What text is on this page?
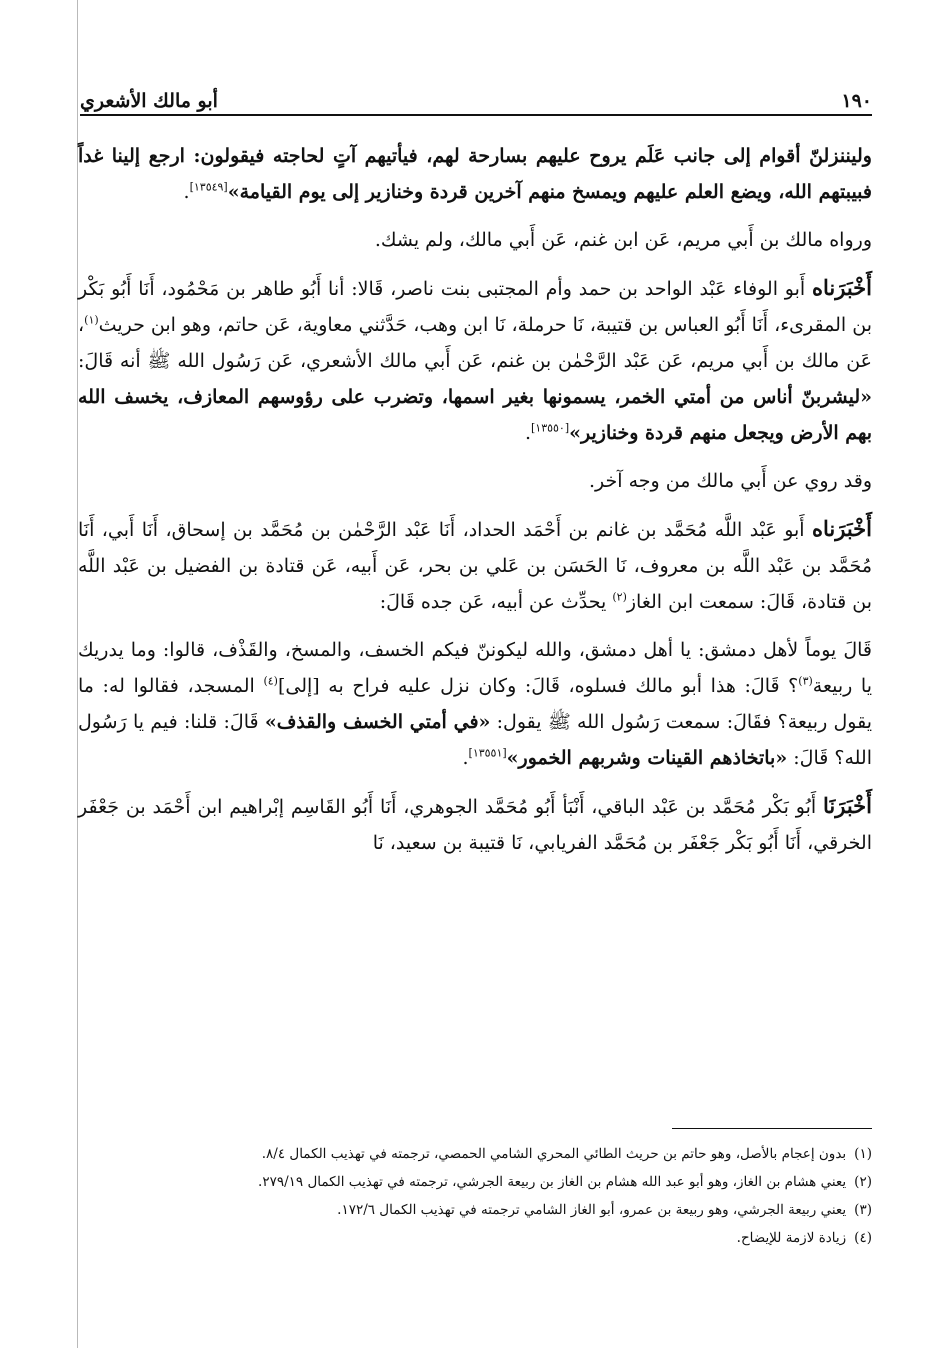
أبو مالك الأشعري	١٩٠

وليننزلنّ أقوام إلى جانب عَلَم يروح عليهم بسارحة لهم، فيأتيهم آتٍ لحاجته فيقولون: ارجع إلينا غداً فبيبتهم الله، ويضع العلم عليهم ويمسخ منهم آخرين قردة وخنازير إلى يوم القيامة»[١٣٥٤٩].

ورواه مالك بن أَبي مريم، عَن ابن غنم، عَن أَبي مالك، ولم يشك.

أَخْبَرَناه أَبو الوفاء عَبْد الواحد بن حمد وأم المجتبى بنت ناصر، قَالا: أنا أَبُو طاهر بن مَحْمُود، أَنَا أَبُو بَكْر بن المقرىء، أَنَا أَبُو العباس بن قتيبة، نَا حرملة، نَا ابن وهب، حَدَّثني معاوية، عَن حاتم، وهو ابن حريث$^{(١)}$، عَن مالك بن أَبي مريم، عَن عَبْد الرَّحْمٰن بن غنم، عَن أَبي مالك الأشعري، عَن رَسُول الله ﷺ أنه قَالَ: «ليشربنّ أناس من أمتي الخمر، يسمونها بغير اسمها، وتضرب على رؤوسهم المعازف، يخسف الله بهم الأرض ويجعل منهم قردة وخنازير»[١٣٥٥٠].

وقد روي عن أَبي مالك من وجه آخر.

أَخْبَرَناه أَبو عَبْد اللَّه مُحَمَّد بن غانم بن أَحْمَد الحداد، أَنَا عَبْد الرَّحْمٰن بن مُحَمَّد بن إسحاق، أَنَا أَبي، أَنَا مُحَمَّد بن عَبْد اللَّه بن معروف، نَا الحَسَن بن عَلي بن بحر، عَن أَبيه، عَن قتادة بن الفضيل بن عَبْد اللَّه بن قتادة، قَالَ: سمعت ابن الغاز$^{(٢)}$ يحدِّث عن أبيه، عَن جده قَالَ:

قَالَ يوماً لأهل دمشق: يا أهل دمشق، والله ليكوننّ فيكم الخسف، والمسخ، والقَذْف، قالوا: وما يدريك يا ربيعة$^{(٣)}$؟ قَالَ: هذا أبو مالك فسلوه، قَالَ: وكان نزل عليه فراح به [إلى]$^{(٤)}$ المسجد، فقالوا له: ما يقول ربيعة؟ فقَالَ: سمعت رَسُول الله ﷺ يقول: «في أمتي الخسف والقذف» قَالَ: قلنا: فيم يا رَسُول الله؟ قَالَ: «باتخاذهم القينات وشربهم الخمور»[١٣٥٥١].

أَخْبَرَنَا أَبُو بَكْر مُحَمَّد بن عَبْد الباقي، أَنْبَأ أَبُو مُحَمَّد الجوهري، أَنَا أَبُو القَاسِم إبْراهيم ابن أَحْمَد بن جَعْفَر الخرقي، أَنَا أَبُو بَكْر جَعْفَر بن مُحَمَّد الفريابي، نَا قتيبة بن سعيد، نَا

(١)
بدون إعجام بالأصل، وهو حاتم بن حريث الطائي المحري الشامي الحمصي، ترجمته في تهذيب الكمال ٨/٤.
(٢)
يعني هشام بن الغاز، وهو أبو عبد الله هشام بن الغاز بن ربيعة الجرشي، ترجمته في تهذيب الكمال ٢٧٩/١٩.
(٣)
يعني ربيعة الجرشي، وهو ربيعة بن عمرو، أبو الغاز الشامي ترجمته في تهذيب الكمال ١٧٢/٦.
(٤)
زيادة لازمة للإيضاح.
